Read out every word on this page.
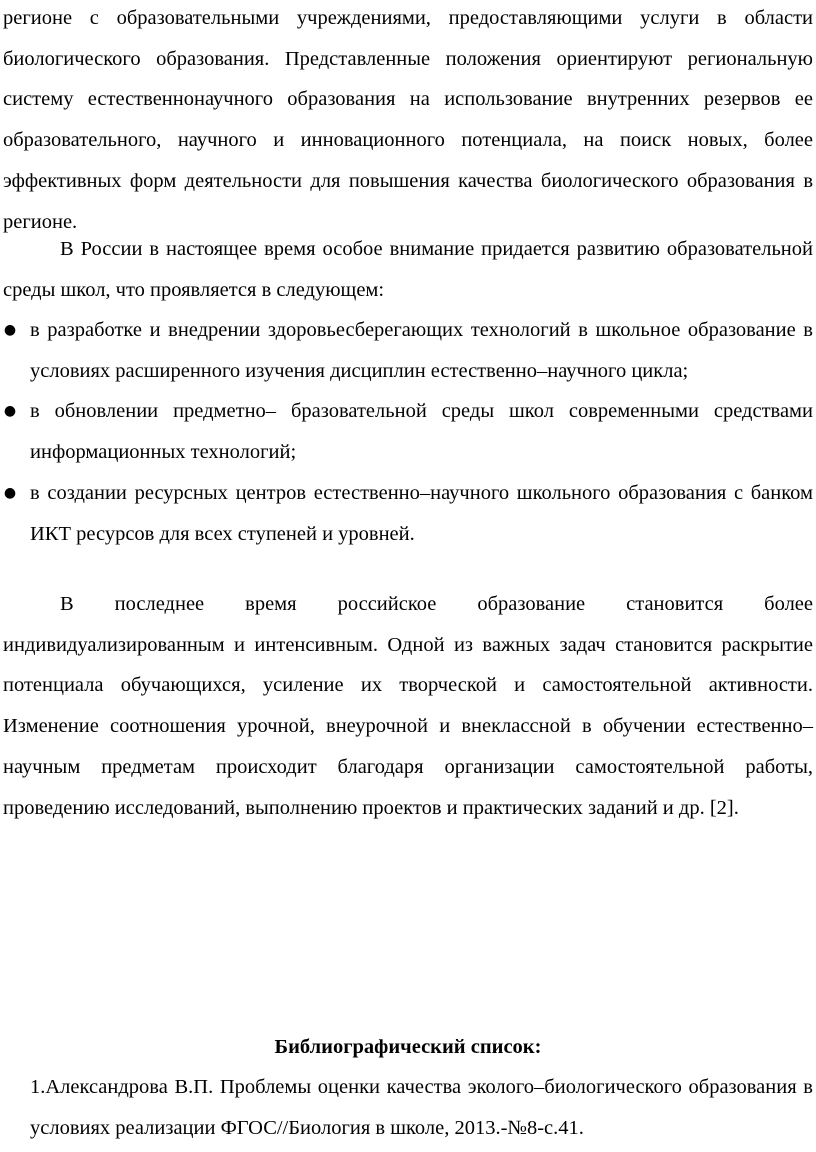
регионе с образовательными учреждениями, предоставляющими услуги в области биологического образования. Представленные положения ориентируют региональную систему естественнонаучного образования на использование внутренних резервов ее образовательного, научного и инновационного потенциала, на поиск новых, более эффективных форм деятельности для повышения качества биологического образования в регионе.

В России в настоящее время особое внимание придается развитию образовательной среды школ, что проявляется в следующем:

● в разработке и внедрении здоровьесберегающих технологий в школьное образование в условиях расширенного изучения дисциплин естественно–научного цикла;
● в обновлении предметно– бразовательной среды школ современными средствами информационных технологий;
● в создании ресурсных центров естественно–научного школьного образования с банком ИКТ ресурсов для всех ступеней и уровней.

В последнее время российское образование становится более индивидуализированным и интенсивным. Одной из важных задач становится раскрытие потенциала обучающихся, усиление их творческой и самостоятельной активности. Изменение соотношения урочной, внеурочной и внеклассной в обучении естественно–научным предметам происходит благодаря организации самостоятельной работы, проведению исследований, выполнению проектов и практических заданий и др. [2].

Библиографический список:
1.Александрова В.П. Проблемы оценки качества эколого–биологического образования в условиях реализации ФГОС//Биология в школе, 2013.-№8-с.41.
